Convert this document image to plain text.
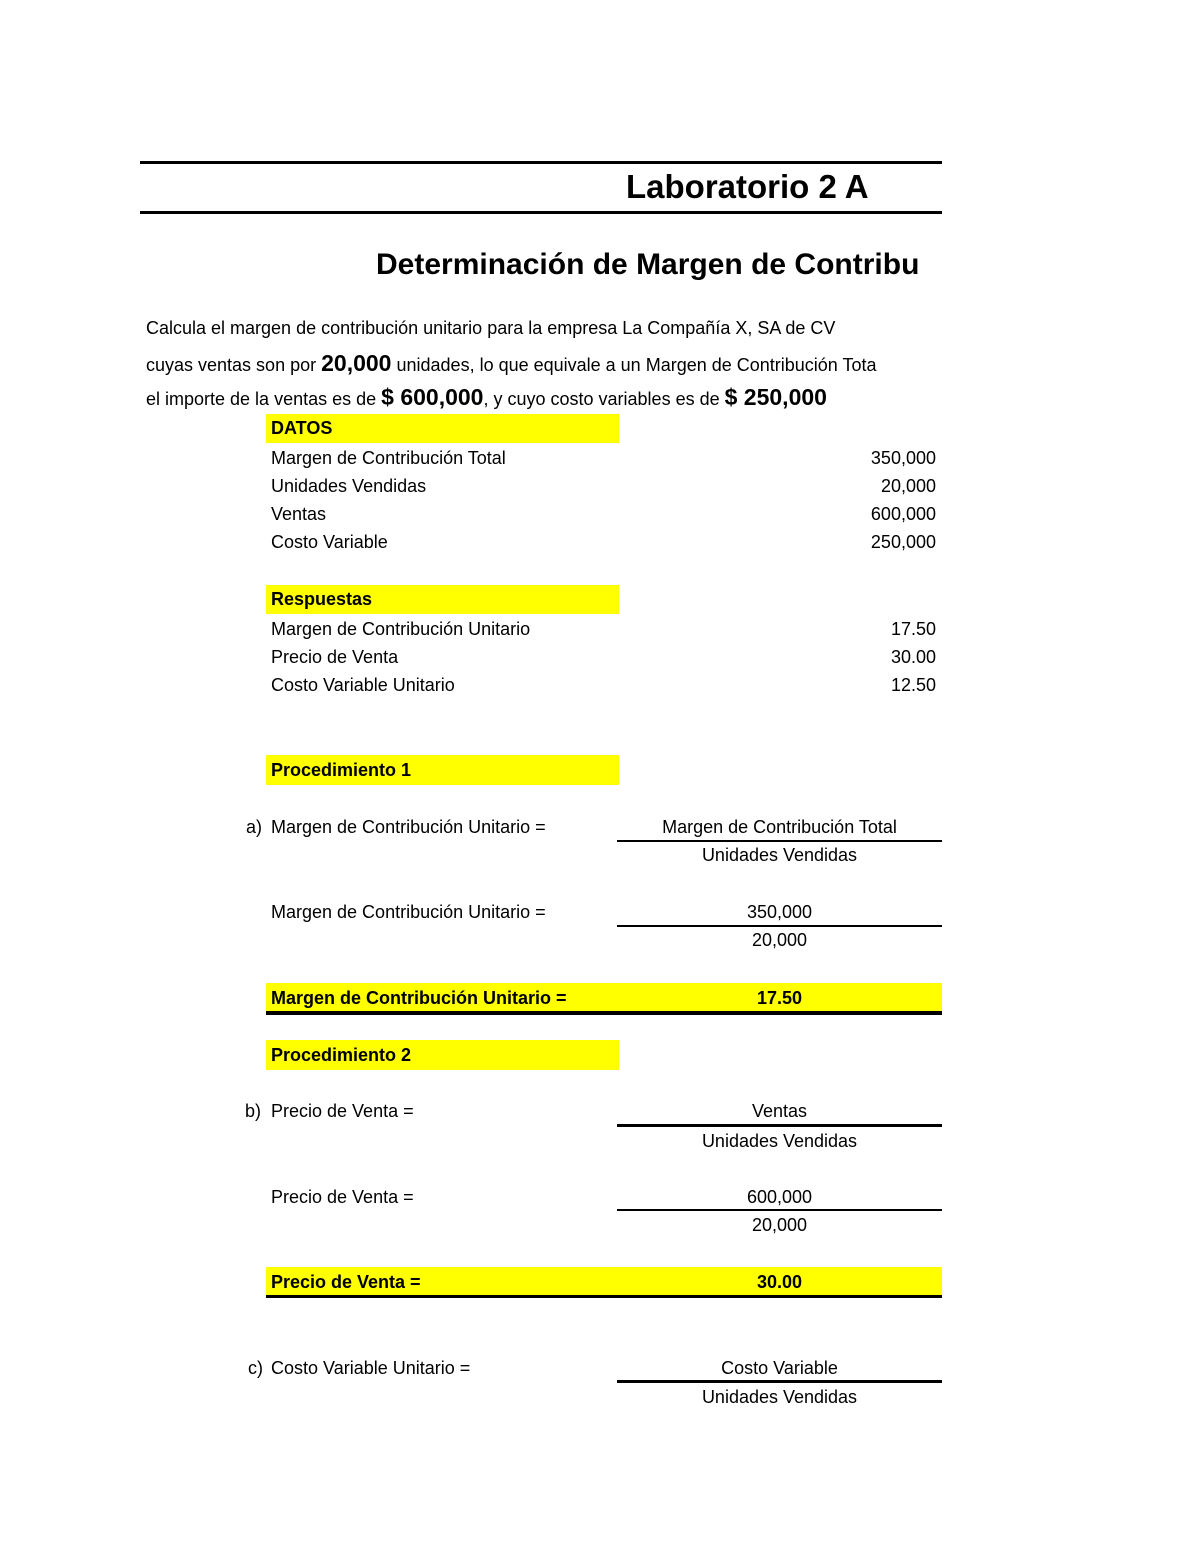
Laboratorio 2 A
Determinación de Margen de Contribu
Calcula el margen de contribución unitario para la empresa La Compañía X, SA de CV
cuyas ventas son por 20,000 unidades, lo que equivale a un Margen de Contribución Tota
el importe de la ventas es de $ 600,000, y cuyo costo variables es de $ 250,000
DATOS
Margen de Contribución Total	350,000
Unidades Vendidas	20,000
Ventas	600,000
Costo Variable	250,000
Respuestas
Margen de Contribución Unitario	17.50
Precio de Venta	30.00
Costo Variable Unitario	12.50
Procedimiento 1
a) Margen de Contribución Unitario =	Margen de Contribución Total
Unidades Vendidas
Margen de Contribución Unitario =	350,000
20,000
Margen de Contribución Unitario =	17.50
Procedimiento 2
b) Precio de Venta =	Ventas
Unidades Vendidas
Precio de Venta =	600,000
20,000
Precio de Venta =	30.00
c) Costo Variable Unitario =	Costo Variable
Unidades Vendidas
